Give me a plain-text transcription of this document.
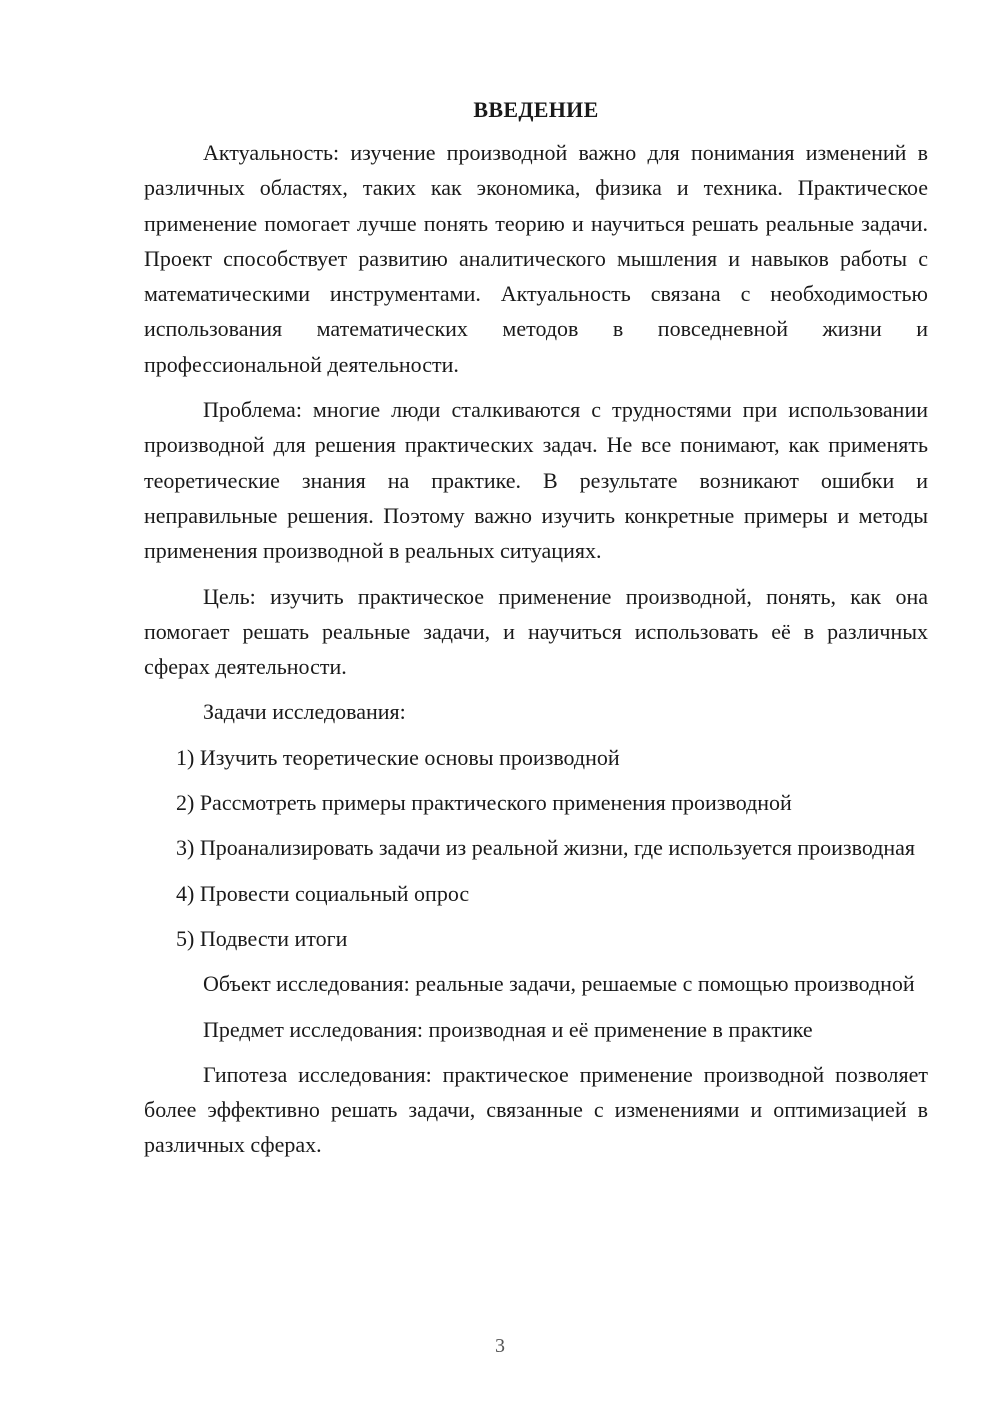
ВВЕДЕНИЕ

Актуальность: изучение производной важно для понимания изменений в различных областях, таких как экономика, физика и техника. Практическое применение помогает лучше понять теорию и научиться решать реальные задачи. Проект способствует развитию аналитического мышления и навыков работы с математическими инструментами. Актуальность связана с необходимостью использования математических методов в повседневной жизни и профессиональной деятельности.

Проблема: многие люди сталкиваются с трудностями при использовании производной для решения практических задач. Не все понимают, как применять теоретические знания на практике. В результате возникают ошибки и неправильные решения. Поэтому важно изучить конкретные примеры и методы применения производной в реальных ситуациях.

Цель: изучить практическое применение производной, понять, как она помогает решать реальные задачи, и научиться использовать её в различных сферах деятельности.

Задачи исследования:

1) Изучить теоретические основы производной

2) Рассмотреть примеры практического применения производной

3) Проанализировать задачи из реальной жизни, где используется производная

4) Провести социальный опрос

5) Подвести итоги

Объект исследования: реальные задачи, решаемые с помощью производной

Предмет исследования: производная и её применение в практике

Гипотеза исследования: практическое применение производной позволяет более эффективно решать задачи, связанные с изменениями и оптимизацией в различных сферах.

3
